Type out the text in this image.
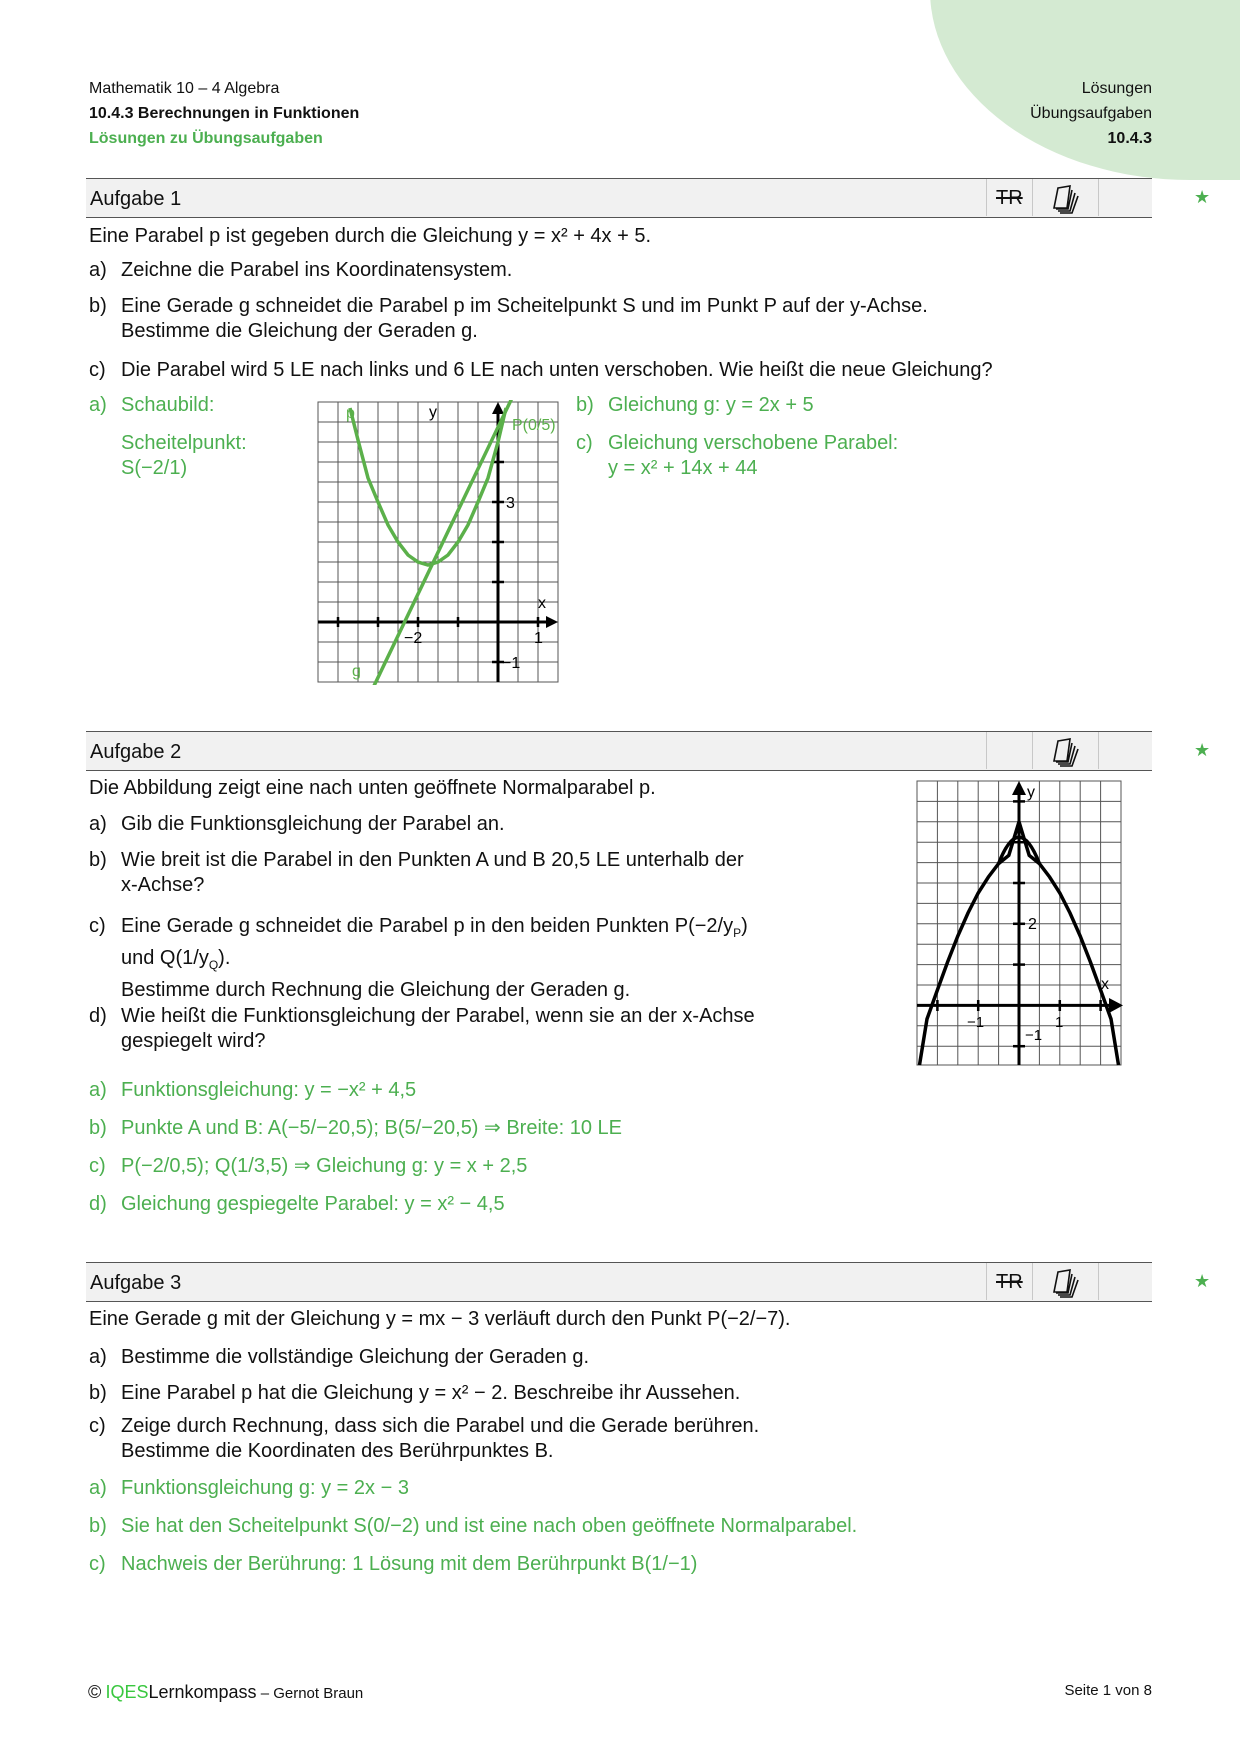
Mathematik 10 – 4 Algebra
10.4.3 Berechnungen in Funktionen
Lösungen zu Übungsaufgaben
Lösungen
Übungsaufgaben
10.4.3
Aufgabe 1	TR	★
Eine Parabel p ist gegeben durch die Gleichung y = x² + 4x + 5.
a) Zeichne die Parabel ins Koordinatensystem.
b) Eine Gerade g schneidet die Parabel p im Scheitelpunkt S und im Punkt P auf der y-Achse.
Bestimme die Gleichung der Geraden g.
c) Die Parabel wird 5 LE nach links und 6 LE nach unten verschoben. Wie heißt die neue Gleichung?
a) Schaubild:
Scheitelpunkt:
S(−2/1)
b) Gleichung g: y = 2x + 5
c) Gleichung verschobene Parabel:
y = x² + 14x + 44
p
g
P(0/5)
y
x
3
−2	1
−1
Aufgabe 2	★
Die Abbildung zeigt eine nach unten geöffnete Normalparabel p.
a) Gib die Funktionsgleichung der Parabel an.
b) Wie breit ist die Parabel in den Punkten A und B 20,5 LE unterhalb der
x-Achse?
c) Eine Gerade g schneidet die Parabel p in den beiden Punkten $P(-2/y_P)$
und $Q(1/y_Q)$.
Bestimme durch Rechnung die Gleichung der Geraden g.
d) Wie heißt die Funktionsgleichung der Parabel, wenn sie an der x-Achse
gespiegelt wird?
a) Funktionsgleichung: y = −x² + 4,5
b) Punkte A und B: A(−5/−20,5); B(5/−20,5) ⇒ Breite: 10 LE
c) P(−2/0,5); Q(1/3,5) ⇒ Gleichung g: y = x + 2,5
d) Gleichung gespiegelte Parabel: y = x² − 4,5
y
x
2
−1	1
−1
Aufgabe 3	TR	★
Eine Gerade g mit der Gleichung y = mx − 3 verläuft durch den Punkt P(−2/−7).
a) Bestimme die vollständige Gleichung der Geraden g.
b) Eine Parabel p hat die Gleichung y = x² − 2. Beschreibe ihr Aussehen.
c) Zeige durch Rechnung, dass sich die Parabel und die Gerade berühren.
Bestimme die Koordinaten des Berührpunktes B.
a) Funktionsgleichung g: y = 2x − 3
b) Sie hat den Scheitelpunkt S(0/−2) und ist eine nach oben geöffnete Normalparabel.
c) Nachweis der Berührung: 1 Lösung mit dem Berührpunkt B(1/−1)
© IQESLernkompass – Gernot Braun	Seite 1 von 8
